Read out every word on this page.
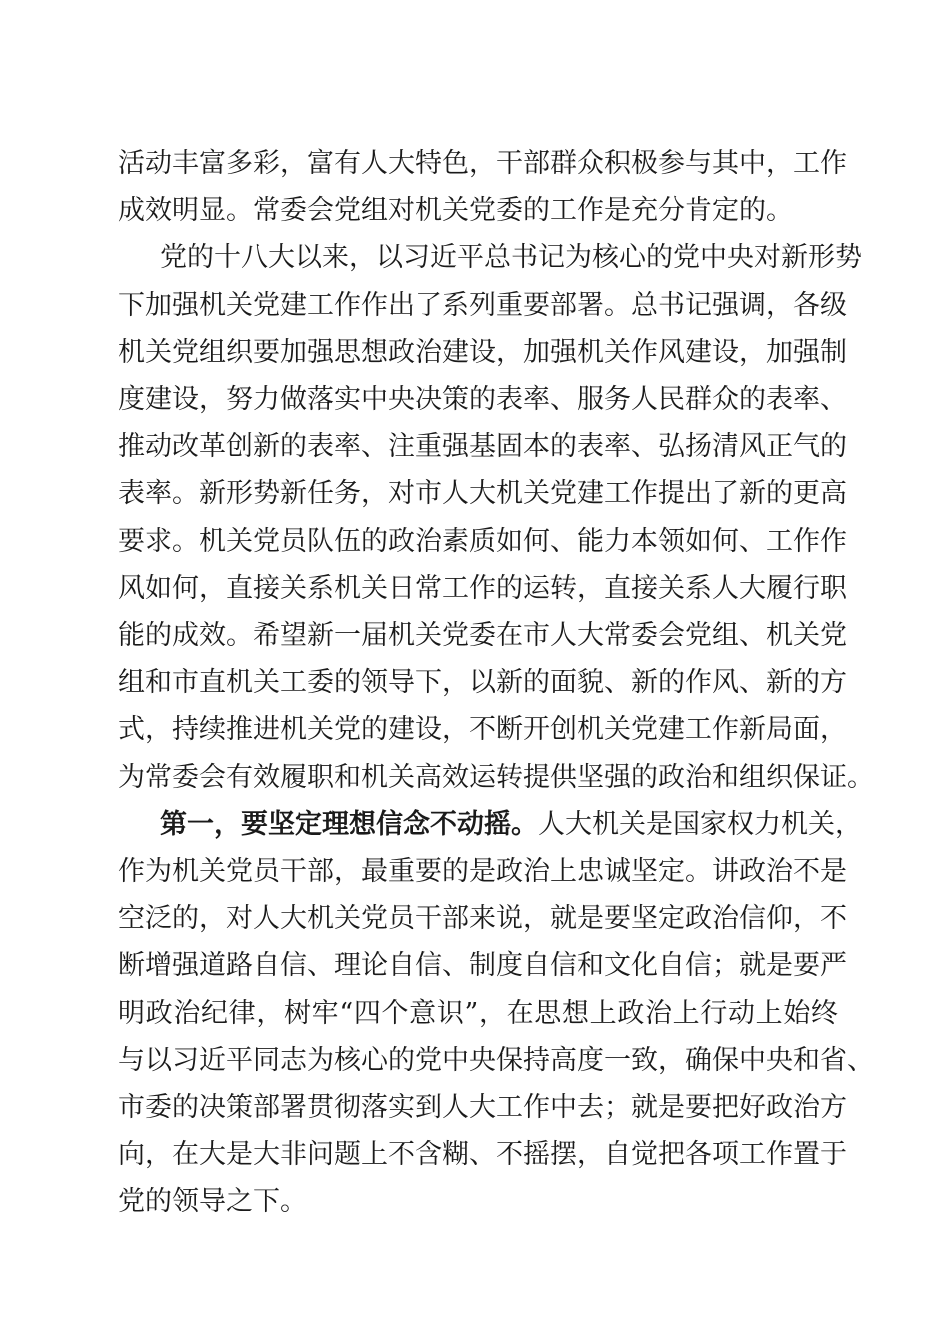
活动丰富多彩，富有人大特色，干部群众积极参与其中，工作
成效明显。常委会党组对机关党委的工作是充分肯定的。
党的十八大以来，以习近平总书记为核心的党中央对新形势
下加强机关党建工作作出了系列重要部署。总书记强调，各级
机关党组织要加强思想政治建设，加强机关作风建设，加强制
度建设，努力做落实中央决策的表率、服务人民群众的表率、
推动改革创新的表率、注重强基固本的表率、弘扬清风正气的
表率。新形势新任务，对市人大机关党建工作提出了新的更高
要求。机关党员队伍的政治素质如何、能力本领如何、工作作
风如何，直接关系机关日常工作的运转，直接关系人大履行职
能的成效。希望新一届机关党委在市人大常委会党组、机关党
组和市直机关工委的领导下，以新的面貌、新的作风、新的方
式，持续推进机关党的建设，不断开创机关党建工作新局面，
为常委会有效履职和机关高效运转提供坚强的政治和组织保证。
第一，要坚定理想信念不动摇。人大机关是国家权力机关，
作为机关党员干部，最重要的是政治上忠诚坚定。讲政治不是
空泛的，对人大机关党员干部来说，就是要坚定政治信仰，不
断增强道路自信、理论自信、制度自信和文化自信；就是要严
明政治纪律，树牢“四个意识”，在思想上政治上行动上始终
与以习近平同志为核心的党中央保持高度一致，确保中央和省、
市委的决策部署贯彻落实到人大工作中去；就是要把好政治方
向，在大是大非问题上不含糊、不摇摆，自觉把各项工作置于
党的领导之下。
